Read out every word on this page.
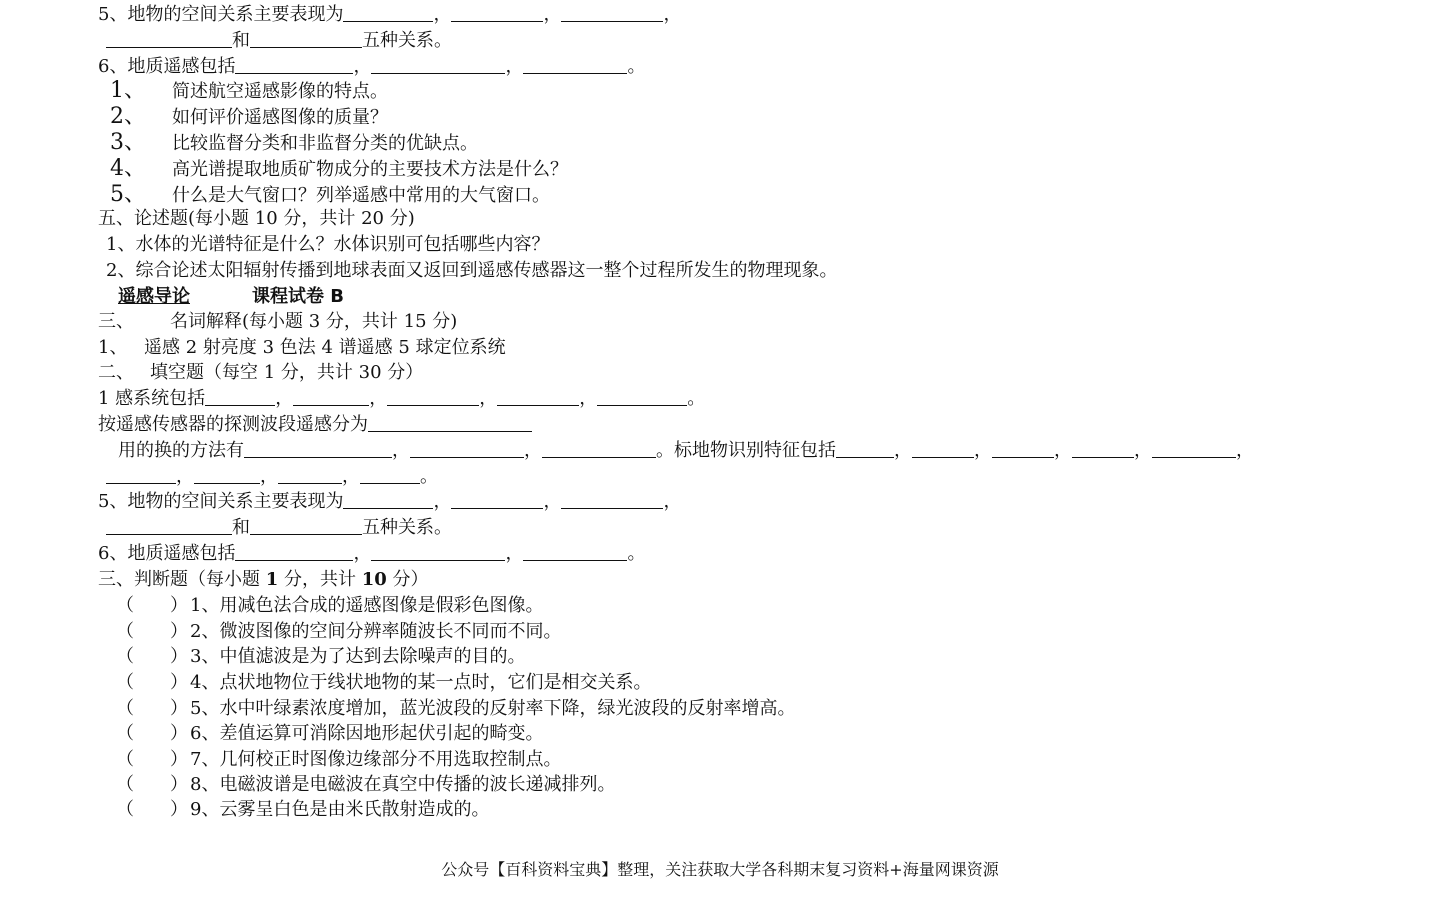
5、地物的空间关系主要表现为	，	，	，
和	五种关系。
6、地质遥感包括	，	，	。
1、 简述航空遥感影像的特点。
2、 如何评价遥感图像的质量？
3、 比较监督分类和非监督分类的优缺点。
4、 高光谱提取地质矿物成分的主要技术方法是什么？
5、 什么是大气窗口？列举遥感中常用的大气窗口。
五、论述题(每小题 10 分，共计 20 分)
1、水体的光谱特征是什么？水体识别可包括哪些内容？
2、综合论述太阳辐射传播到地球表面又返回到遥感传感器这一整个过程所发生的物理现象。
遥感导论	课程试卷 B
三、 名词解释(每小题 3 分，共计 15 分)
1、 遥感 2 射亮度 3 色法 4 谱遥感 5 球定位系统
二、 填空题（每空 1 分，共计 30 分）
1 感系统包括	，	，	，	，	。
按遥感传感器的探测波段遥感分为
用的换的方法有	，	，	。标地物识别特征包括	，	，	，	，	，
，	，	，	。
5、地物的空间关系主要表现为	，	，	，
和	五种关系。
6、地质遥感包括	，	，	。
三、判断题（每小题 1 分，共计 10 分）
（　　） 1、用减色法合成的遥感图像是假彩色图像。
（　　） 2、微波图像的空间分辨率随波长不同而不同。
（　　） 3、中值滤波是为了达到去除噪声的目的。
（　　） 4、点状地物位于线状地物的某一点时，它们是相交关系。
（　　） 5、水中叶绿素浓度增加，蓝光波段的反射率下降，绿光波段的反射率增高。
（　　） 6、差值运算可消除因地形起伏引起的畸变。
（　　） 7、几何校正时图像边缘部分不用选取控制点。
（　　） 8、电磁波谱是电磁波在真空中传播的波长递减排列。
（　　） 9、云雾呈白色是由米氏散射造成的。
公众号【百科资料宝典】整理，关注获取大学各科期末复习资料+海量网课资源
